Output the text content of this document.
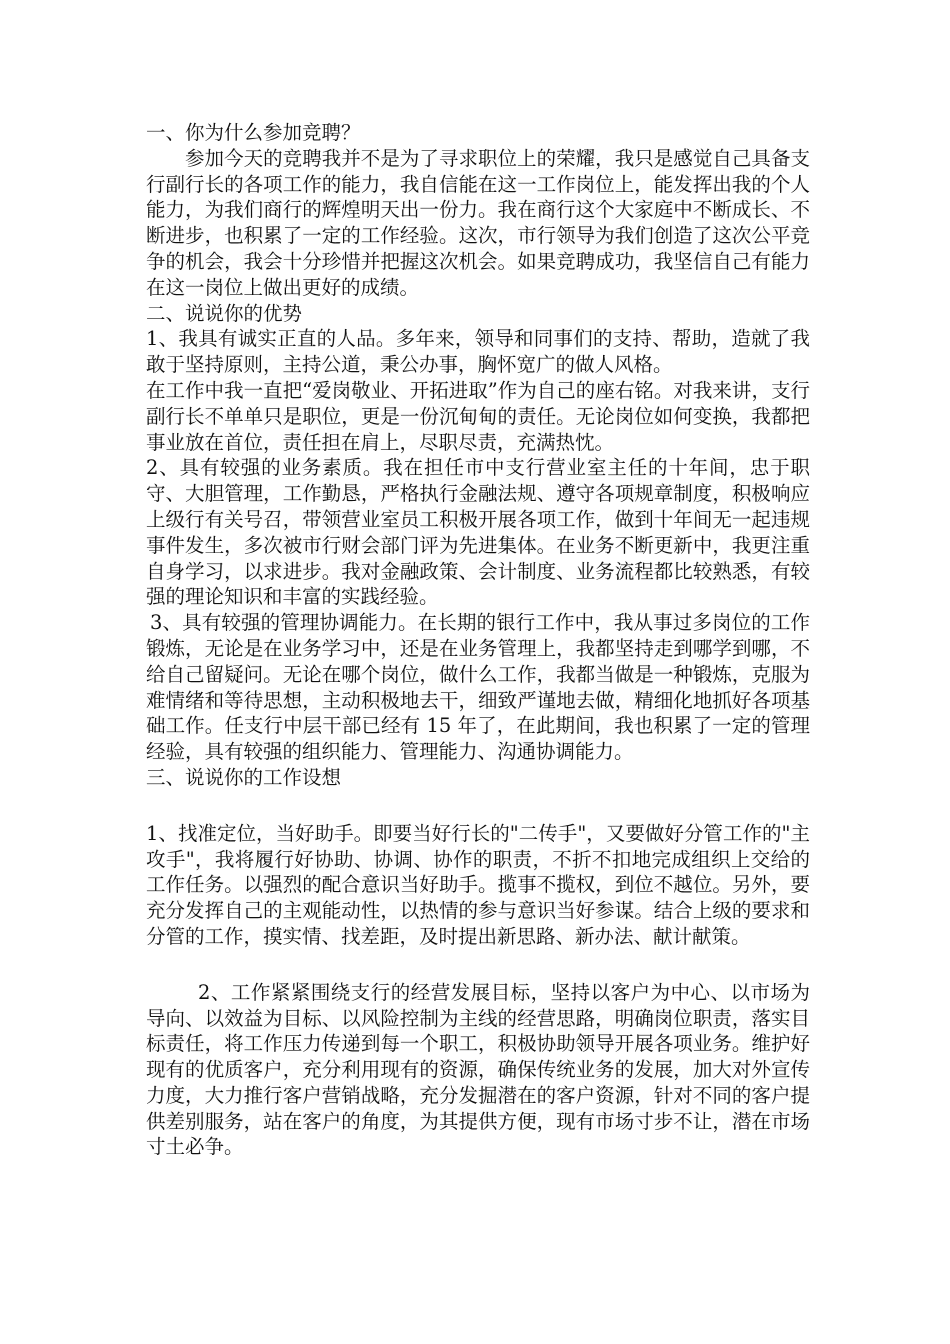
一、你为什么参加竞聘？

参加今天的竞聘我并不是为了寻求职位上的荣耀，我只是感觉自己具备支行副行长的各项工作的能力，我自信能在这一工作岗位上，能发挥出我的个人能力，为我们商行的辉煌明天出一份力。我在商行这个大家庭中不断成长、不断进步，也积累了一定的工作经验。这次，市行领导为我们创造了这次公平竞争的机会，我会十分珍惜并把握这次机会。如果竞聘成功，我坚信自己有能力在这一岗位上做出更好的成绩。

二、说说你的优势

1、我具有诚实正直的人品。多年来，领导和同事们的支持、帮助，造就了我敢于坚持原则，主持公道，秉公办事，胸怀宽广的做人风格。

在工作中我一直把“爱岗敬业、开拓进取”作为自己的座右铭。对我来讲，支行副行长不单单只是职位，更是一份沉甸甸的责任。无论岗位如何变换，我都把事业放在首位，责任担在肩上，尽职尽责，充满热忱。

2、具有较强的业务素质。我在担任市中支行营业室主任的十年间，忠于职守、大胆管理，工作勤恳，严格执行金融法规、遵守各项规章制度，积极响应上级行有关号召，带领营业室员工积极开展各项工作，做到十年间无一起违规事件发生，多次被市行财会部门评为先进集体。在业务不断更新中，我更注重自身学习，以求进步。我对金融政策、会计制度、业务流程都比较熟悉，有较强的理论知识和丰富的实践经验。

3、具有较强的管理协调能力。在长期的银行工作中，我从事过多岗位的工作锻炼，无论是在业务学习中，还是在业务管理上，我都坚持走到哪学到哪，不给自己留疑问。无论在哪个岗位，做什么工作，我都当做是一种锻炼，克服为难情绪和等待思想，主动积极地去干，细致严谨地去做，精细化地抓好各项基础工作。任支行中层干部已经有 15 年了，在此期间，我也积累了一定的管理经验，具有较强的组织能力、管理能力、沟通协调能力。

三、说说你的工作设想

1、找准定位，当好助手。即要当好行长的"二传手"，又要做好分管工作的"主攻手"，我将履行好协助、协调、协作的职责，不折不扣地完成组织上交给的工作任务。以强烈的配合意识当好助手。揽事不揽权，到位不越位。另外，要充分发挥自己的主观能动性，以热情的参与意识当好参谋。结合上级的要求和分管的工作，摸实情、找差距，及时提出新思路、新办法、献计献策。

2、工作紧紧围绕支行的经营发展目标，坚持以客户为中心、以市场为导向、以效益为目标、以风险控制为主线的经营思路，明确岗位职责，落实目标责任，将工作压力传递到每一个职工，积极协助领导开展各项业务。维护好现有的优质客户，充分利用现有的资源，确保传统业务的发展，加大对外宣传力度，大力推行客户营销战略，充分发掘潜在的客户资源，针对不同的客户提供差别服务，站在客户的角度，为其提供方便，现有市场寸步不让，潜在市场寸土必争。
